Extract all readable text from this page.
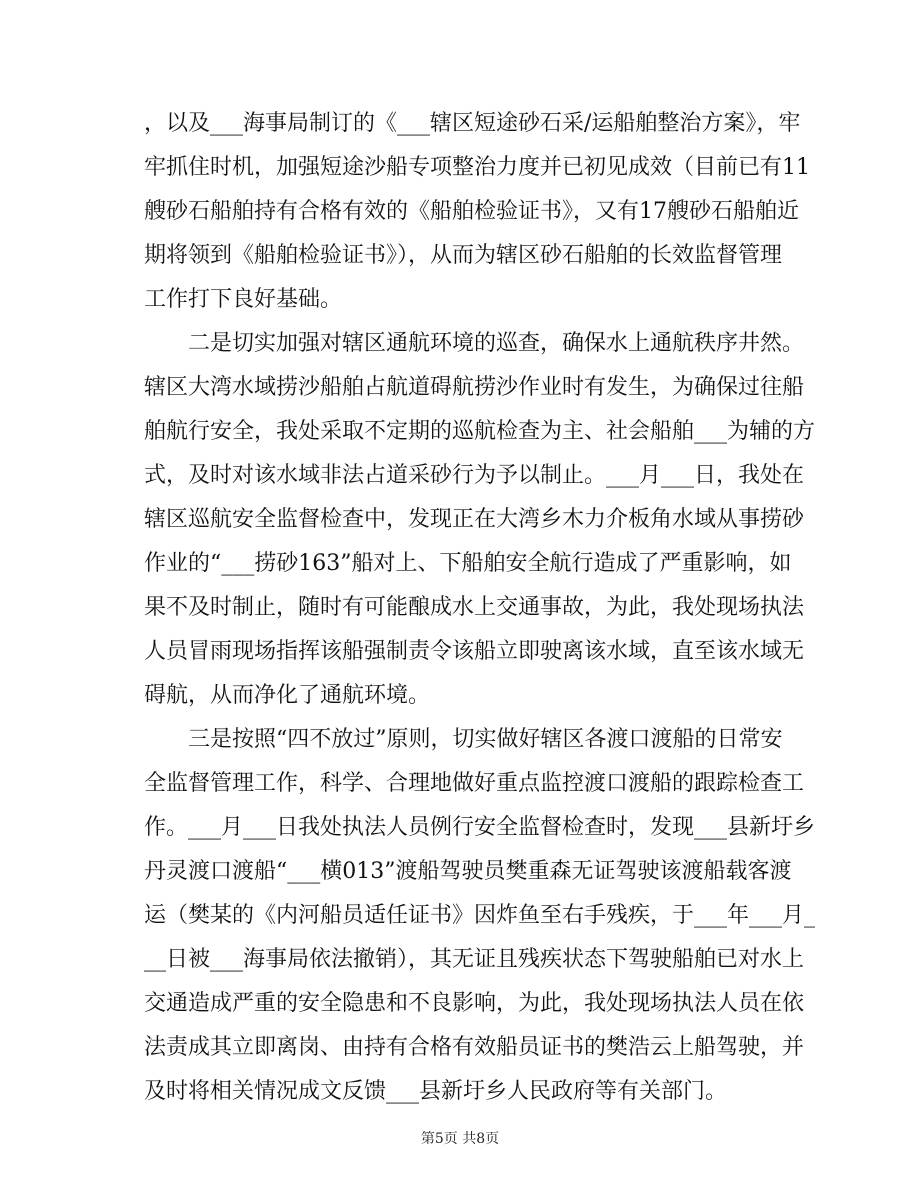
，以及___海事局制订的《___辖区短途砂石采/运船舶整治方案》，牢
牢抓住时机，加强短途沙船专项整治力度并已初见成效（目前已有11
艘砂石船舶持有合格有效的《船舶检验证书》，又有17艘砂石船舶近
期将领到《船舶检验证书》），从而为辖区砂石船舶的长效监督管理
工作打下良好基础。
二是切实加强对辖区通航环境的巡查，确保水上通航秩序井然。
辖区大湾水域捞沙船舶占航道碍航捞沙作业时有发生，为确保过往船
舶航行安全，我处采取不定期的巡航检查为主、社会船舶___为辅的方
式，及时对该水域非法占道采砂行为予以制止。___月___日，我处在
辖区巡航安全监督检查中，发现正在大湾乡木力介板角水域从事捞砂
作业的“___捞砂163”船对上、下船舶安全航行造成了严重影响，如
果不及时制止，随时有可能酿成水上交通事故，为此，我处现场执法
人员冒雨现场指挥该船强制责令该船立即驶离该水域，直至该水域无
碍航，从而净化了通航环境。
三是按照“四不放过”原则，切实做好辖区各渡口渡船的日常安
全监督管理工作，科学、合理地做好重点监控渡口渡船的跟踪检查工
作。___月___日我处执法人员例行安全监督检查时，发现___县新圩乡
丹灵渡口渡船“___横013”渡船驾驶员樊重森无证驾驶该渡船载客渡
运（樊某的《内河船员适任证书》因炸鱼至右手残疾，于___年___月_
__日被___海事局依法撤销），其无证且残疾状态下驾驶船舶已对水上
交通造成严重的安全隐患和不良影响，为此，我处现场执法人员在依
法责成其立即离岗、由持有合格有效船员证书的樊浩云上船驾驶，并
及时将相关情况成文反馈___县新圩乡人民政府等有关部门。
第5页 共8页
